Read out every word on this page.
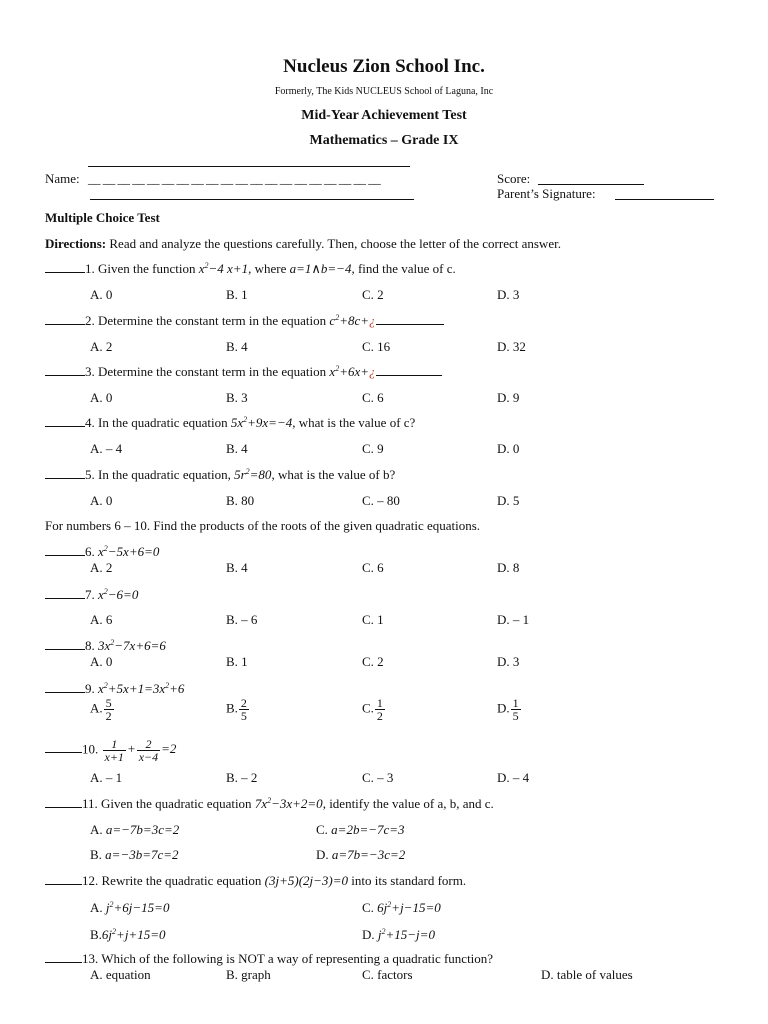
Nucleus Zion School Inc.
Formerly, The Kids NUCLEUS School of Laguna, Inc
Mid-Year Achievement Test
Mathematics – Grade IX
Name: __ __ __ __ __ __ __ __ __ __ __ __ __ __ __ __ __ __ __ __	Score:
Parent’s Signature:
Multiple Choice Test
Directions: Read and analyze the questions carefully. Then, choose the letter of the correct answer.
1. Given the function $x^2-4$ x+1, where a=1∧b=−4, find the value of c.
A. 0	B. 1	C. 2	D. 3
2. Determine the constant term in the equation $c^2+8c+¿$
A. 2	B. 4	C. 16	D. 32
3. Determine the constant term in the equation $x^2+6x+¿$
A. 0	B. 3	C. 6	D. 9
4. In the quadratic equation $5x^2+9x=-4$, what is the value of c?
A. – 4	B. 4	C. 9	D. 0
5. In the quadratic equation, $5r^2=80$, what is the value of b?
A. 0	B. 80	C. – 80	D. 5
For numbers 6 – 10. Find the products of the roots of the given quadratic equations.
6. $x^2-5x+6=0$
A. 2	B. 4	C. 6	D. 8
7. $x^2-6=0$
A. 6	B. – 6	C. 1	D. – 1
8. $3x^2-7x+6=6$
A. 0	B. 1	C. 2	D. 3
9. $x^2+5x+1=3x^2+6$
A. $\frac{5}{2}$	B. $\frac{2}{5}$	C. $\frac{1}{2}$	D. $\frac{1}{5}$
10. $\frac{1}{x+1} + \frac{2}{x-4} =2$
A. – 1	B. – 2	C. – 3	D. – 4
11. Given the quadratic equation $7x^2-3x+2=0$, identify the value of a, b, and c.
A. a=−7b=3c=2	C. a=2b=−7c=3
B. a=−3b=7c=2	D. a=7b=−3c=2
12. Rewrite the quadratic equation (3j+5)(2j−3)=0 into its standard form.
A. $j^2+6j-15=0$	C. $6j^2+j-15=0$
$B.6j^2+j+15=0$	D. $j^2+15-j=0$
13. Which of the following is NOT a way of representing a quadratic function?
A. equation	B. graph	C. factors	D. table of values
